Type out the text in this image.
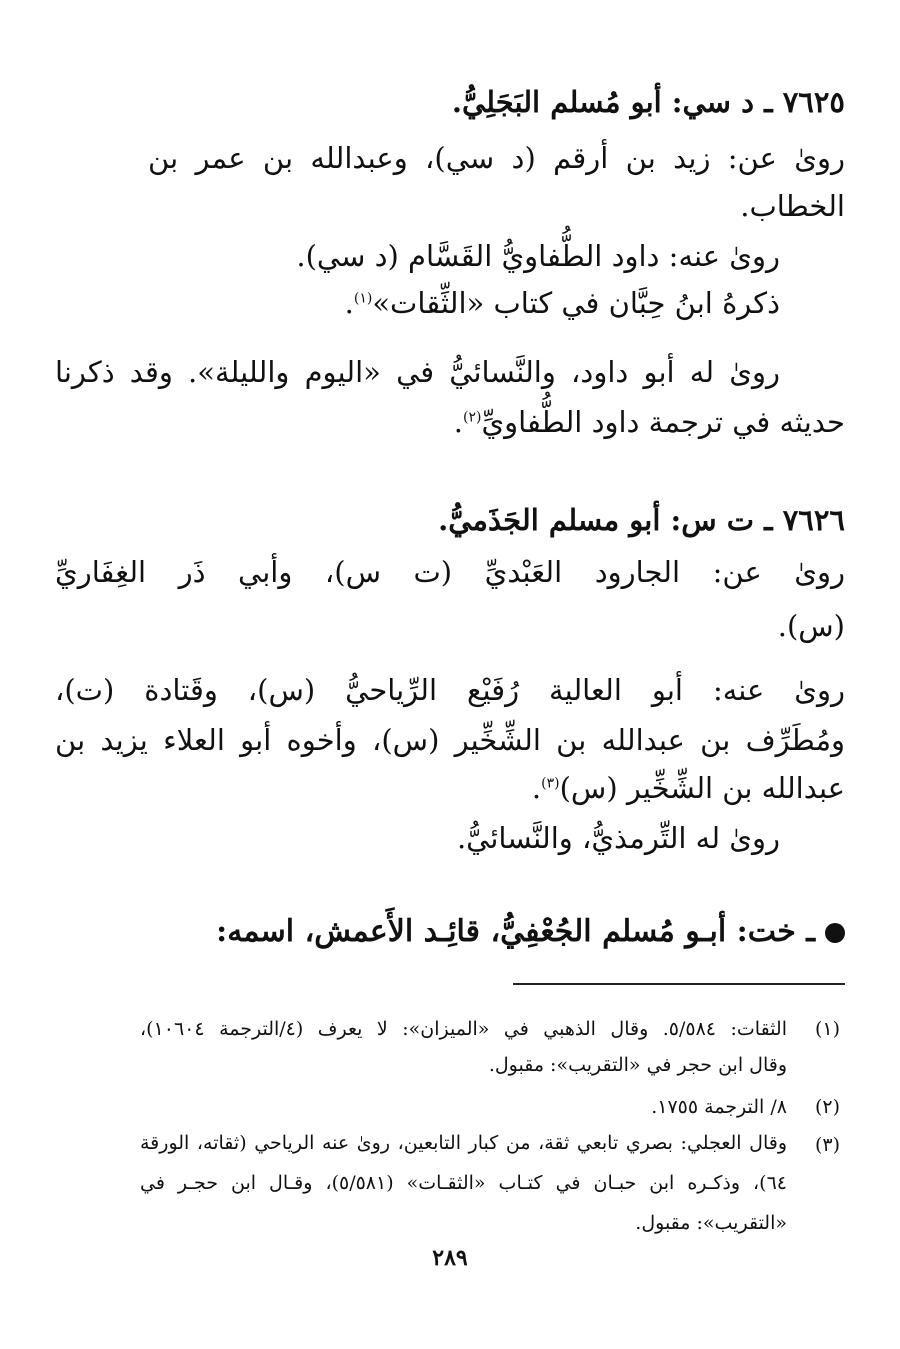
٧٦٢٥ ـ د سي: أبو مُسلم البَجَلِيُّ.
روىٰ عن: زيد بن أرقم (د سي)، وعبدالله بن عمر بن
الخطاب.
روىٰ عنه: داود الطُّفاويُّ القَسَّام (د سي).
ذكرهُ ابنُ حِبَّان في كتاب «الثِّقات»$^{(١)}$.
روىٰ له أبو داود، والنَّسائيُّ في «اليوم والليلة». وقد ذكرنا
حديثه في ترجمة داود الطُّفاويِّ$^{(٢)}$.
٧٦٢٦ ـ ت س: أبو مسلم الجَذَميُّ.
روىٰ عن: الجارود العَبْديِّ (ت س)، وأبي ذَر الغِفَاريِّ
(س).
روىٰ عنه: أبو العالية رُفَيْع الرِّياحيُّ (س)، وقَتادة (ت)،
ومُطَرِّف بن عبدالله بن الشِّخِّير (س)، وأخوه أبو العلاء يزيد بن
عبدالله بن الشِّخِّير (س)$^{(٣)}$.
روىٰ له التِّرمذيُّ، والنَّسائيُّ.
ـ خت: أبـو مُسلم الجُعْفِيُّ، قائِـد الأَعمش، اسمه:
(١)
الثقات: ٥/٥٨٤. وقال الذهبي في «الميزان»: لا يعرف (٤/الترجمة ١٠٦٠٤)،
وقال ابن حجر في «التقريب»: مقبول.
(٢)
٨/ الترجمة ١٧٥٥.
(٣)
وقال العجلي: بصري تابعي ثقة، من كبار التابعين، روىٰ عنه الرياحي (ثقاته، الورقة
٦٤)، وذكـره ابن حبـان في كتـاب «الثقـات» (٥/٥٨١)، وقـال ابن حجـر في
«التقريب»: مقبول.
٢٨٩
